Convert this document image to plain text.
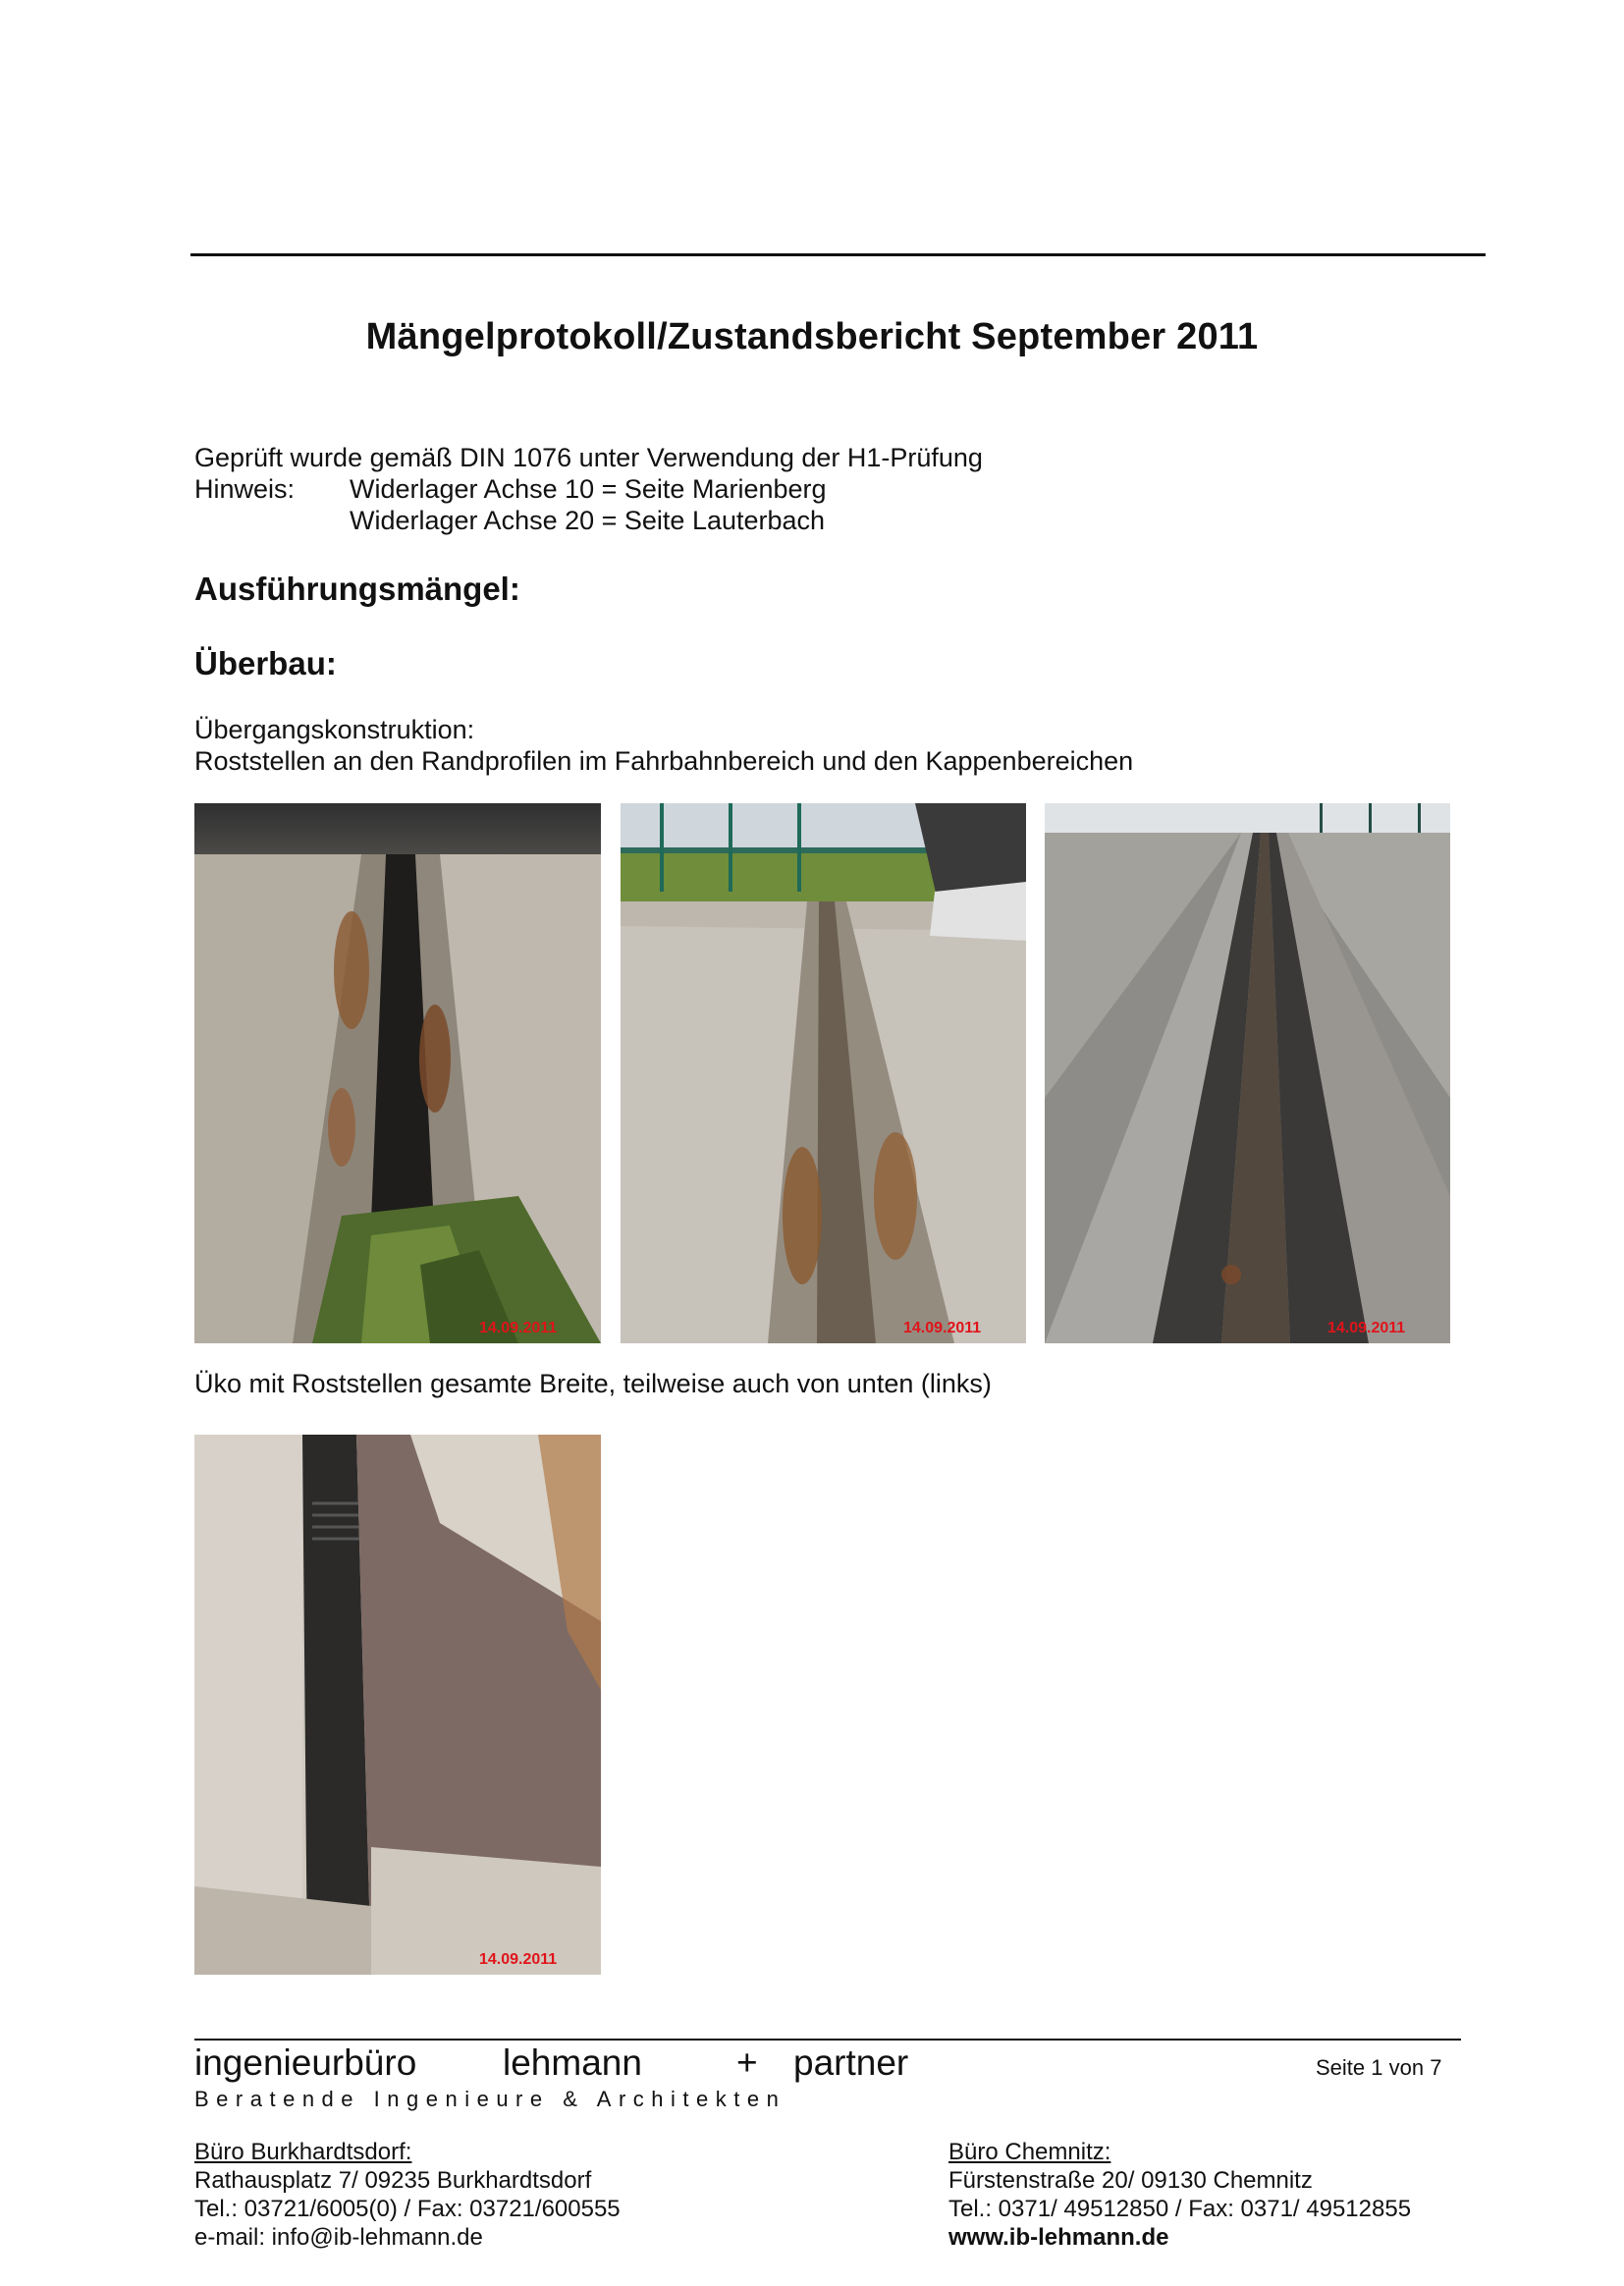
Mängelprotokoll/Zustandsbericht September 2011
Geprüft wurde gemäß DIN 1076 unter Verwendung der H1-Prüfung
Hinweis: Widerlager Achse 10 = Seite Marienberg
Widerlager Achse 20 = Seite Lauterbach
Ausführungsmängel:
Überbau:
Übergangskonstruktion:
Roststellen an den Randprofilen im Fahrbahnbereich und den Kappenbereichen
14.09.2011	14.09.2011	14.09.2011
Üko mit Roststellen gesamte Breite, teilweise auch von unten (links)
14.09.2011
ingenieurbüro lehmann	+ partner
Beratende Ingenieure & Architekten
Seite 1 von 7
Büro Burkhardtsdorf:
Rathausplatz 7/ 09235 Burkhardtsdorf
Tel.: 03721/6005(0) / Fax: 03721/600555
e-mail: info@ib-lehmann.de
Büro Chemnitz:
Fürstenstraße 20/ 09130 Chemnitz
Tel.: 0371/ 49512850 / Fax: 0371/ 49512855
www.ib-lehmann.de
